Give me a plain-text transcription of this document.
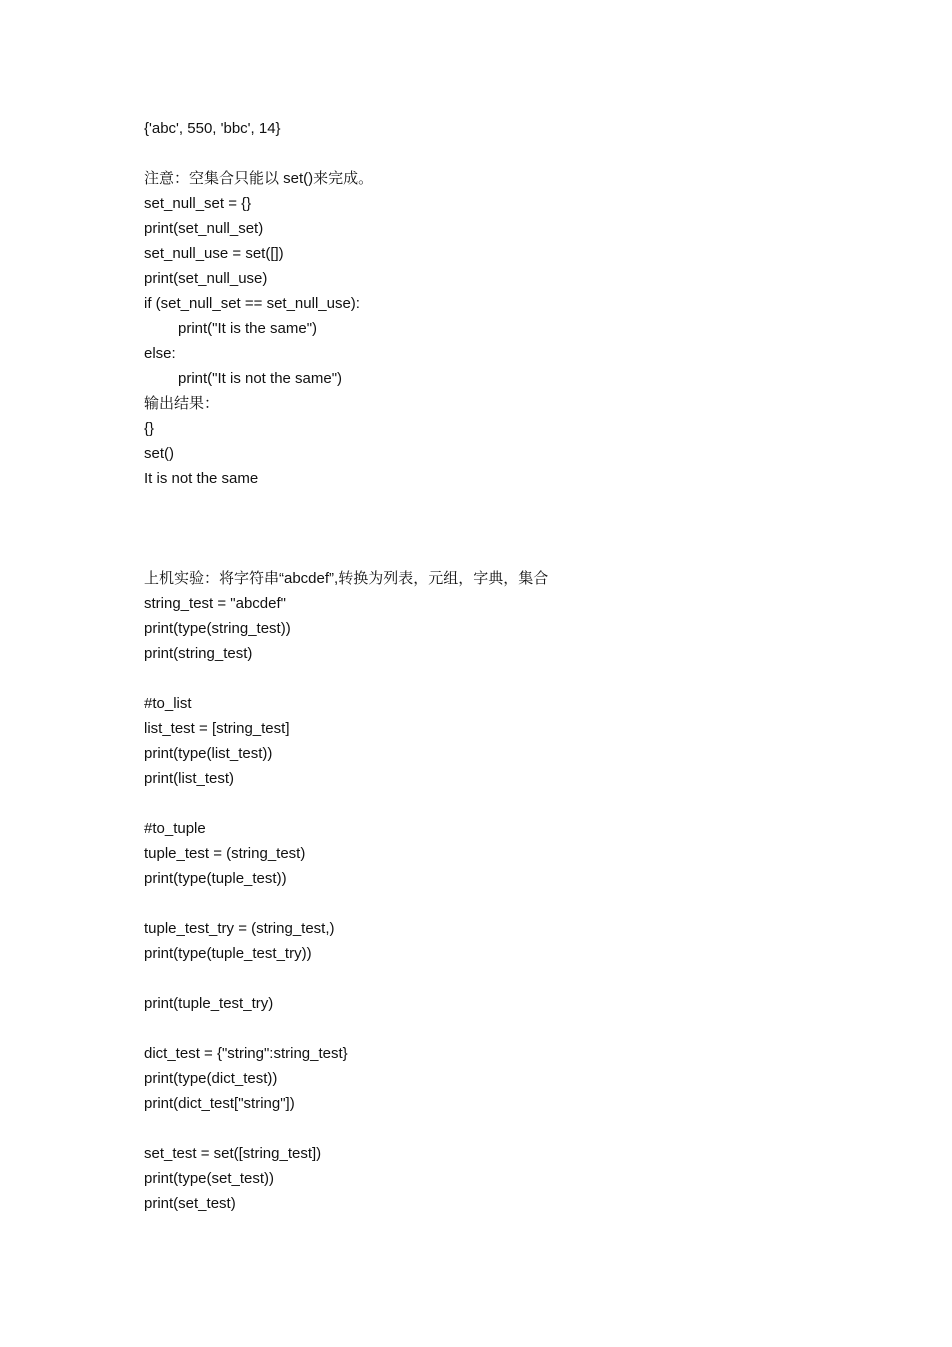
{'abc', 550, 'bbc', 14}
注意：空集合只能以 set()来完成。
set_null_set = {}
print(set_null_set)
set_null_use = set([])
print(set_null_use)
if (set_null_set == set_null_use):
print("It is the same")
else:
print("It is not the same")
输出结果：
{}
set()
It is not the same
上机实验：将字符串“abcdef”,转换为列表，元组，字典，集合
string_test = "abcdef"
print(type(string_test))
print(string_test)
#to_list
list_test = [string_test]
print(type(list_test))
print(list_test)
#to_tuple
tuple_test = (string_test)
print(type(tuple_test))
tuple_test_try = (string_test,)
print(type(tuple_test_try))
print(tuple_test_try)
dict_test = {"string":string_test}
print(type(dict_test))
print(dict_test["string"])
set_test = set([string_test])
print(type(set_test))
print(set_test)
